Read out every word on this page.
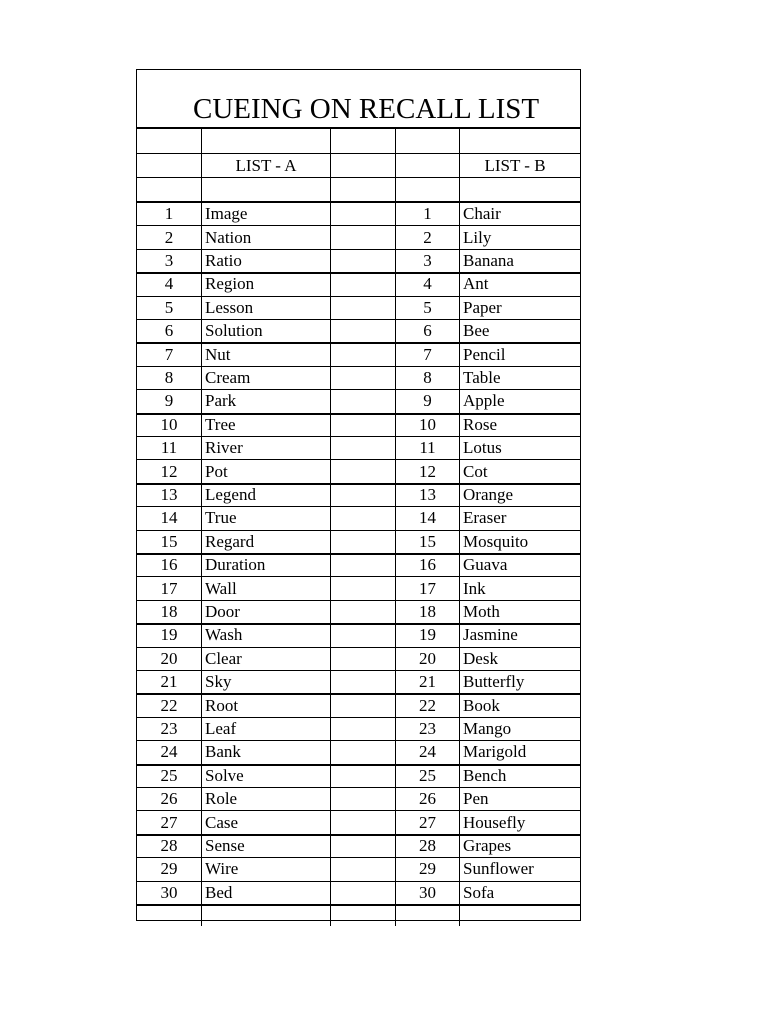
CUEING ON RECALL LIST
LIST - A	LIST - B
1	Image	1	Chair
2	Nation	2	Lily
3	Ratio	3	Banana
4	Region	4	Ant
5	Lesson	5	Paper
6	Solution	6	Bee
7	Nut	7	Pencil
8	Cream	8	Table
9	Park	9	Apple
10	Tree	10	Rose
11	River	11	Lotus
12	Pot	12	Cot
13	Legend	13	Orange
14	True	14	Eraser
15	Regard	15	Mosquito
16	Duration	16	Guava
17	Wall	17	Ink
18	Door	18	Moth
19	Wash	19	Jasmine
20	Clear	20	Desk
21	Sky	21	Butterfly
22	Root	22	Book
23	Leaf	23	Mango
24	Bank	24	Marigold
25	Solve	25	Bench
26	Role	26	Pen
27	Case	27	Housefly
28	Sense	28	Grapes
29	Wire	29	Sunflower
30	Bed	30	Sofa
